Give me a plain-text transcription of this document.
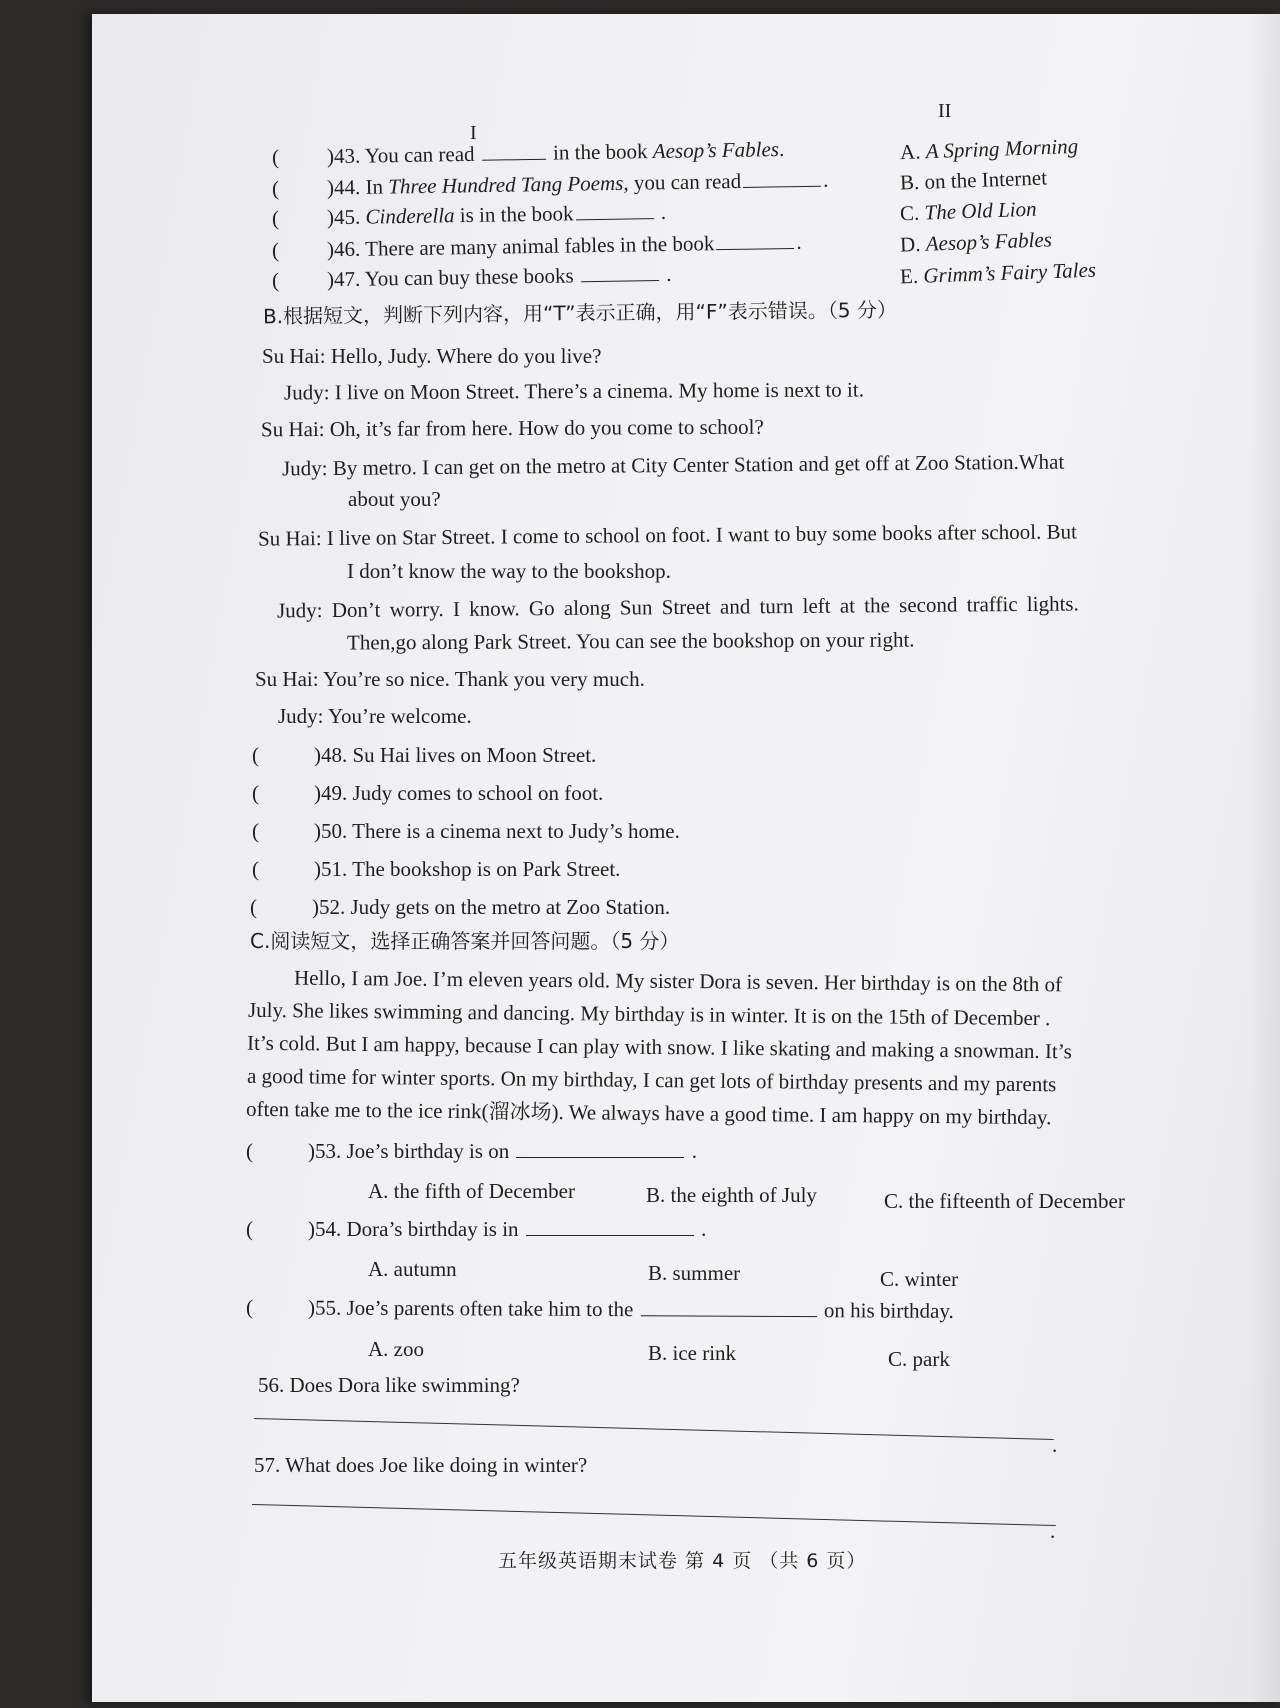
I
II
( )43. You can read	in the book Aesop’s Fables.
( )44. In Three Hundred Tang Poems, you can read	.
( )45. Cinderella is in the book	.
( )46. There are many animal fables in the book	.
( )47. You can buy these books	.
A. A Spring Morning
B. on the Internet
C. The Old Lion
D. Aesop’s Fables
E. Grimm’s Fairy Tales
B.根据短文，判断下列内容，用“T”表示正确，用“F”表示错误。（5 分）
Su Hai: Hello, Judy. Where do you live?
Judy: I live on Moon Street. There’s a cinema. My home is next to it.
Su Hai: Oh, it’s far from here. How do you come to school?
Judy: By metro. I can get on the metro at City Center Station and get off at Zoo Station.What
about you?
Su Hai: I live on Star Street. I come to school on foot. I want to buy some books after school. But
I don’t know the way to the bookshop.
Judy: Don’t worry. I know. Go along Sun Street and turn left at the second traffic lights.
Then,go along Park Street. You can see the bookshop on your right.
Su Hai: You’re so nice. Thank you very much.
Judy: You’re welcome.
(	)48. Su Hai lives on Moon Street.
(	)49. Judy comes to school on foot.
(	)50. There is a cinema next to Judy’s home.
(	)51. The bookshop is on Park Street.
(	)52. Judy gets on the metro at Zoo Station.
C.阅读短文，选择正确答案并回答问题。（5 分）
Hello, I am Joe. I’m eleven years old. My sister Dora is seven. Her birthday is on the 8th of
July. She likes swimming and dancing. My birthday is in winter. It is on the 15th of December .
It’s cold. But I am happy, because I can play with snow. I like skating and making a snowman. It’s
a good time for winter sports. On my birthday, I can get lots of birthday presents and my parents
often take me to the ice rink(溜冰场). We always have a good time. I am happy on my birthday.
(	)53. Joe’s birthday is on	.
A. the fifth of December	B. the eighth of July	C. the fifteenth of December
(	)54. Dora’s birthday is in	.
A. autumn	B. summer	C. winter
(	)55. Joe’s parents often take him to the	on his birthday.
A. zoo	B. ice rink	C. park
56. Does Dora like swimming?
.
57. What does Joe like doing in winter?
.
五年级英语期末试卷 第 4 页 （共 6 页）
